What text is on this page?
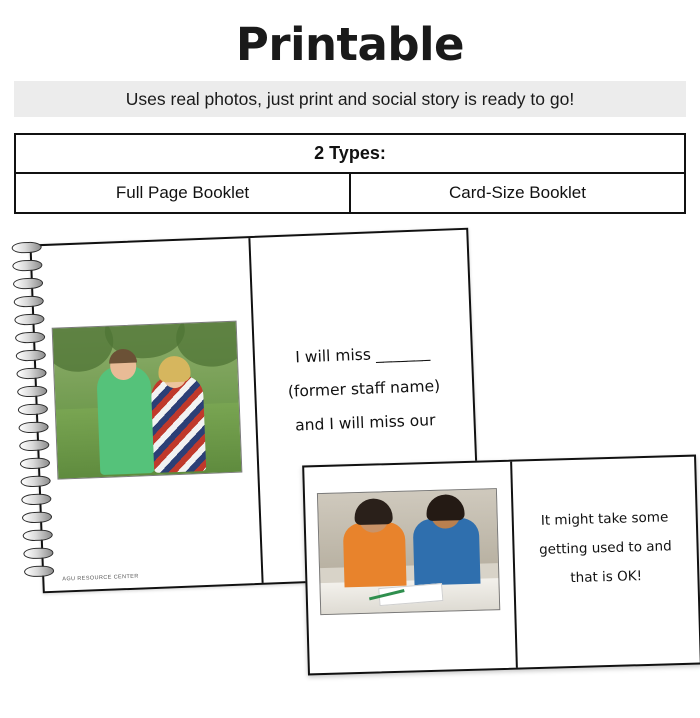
Printable
Uses real photos, just print and social story is ready to go!
2 Types:
Full Page Booklet	Card-Size Booklet
AGU RESOURCE CENTER
I will miss _______
(former staff name)
and I will miss our
It might take some
getting used to and
that is OK!
